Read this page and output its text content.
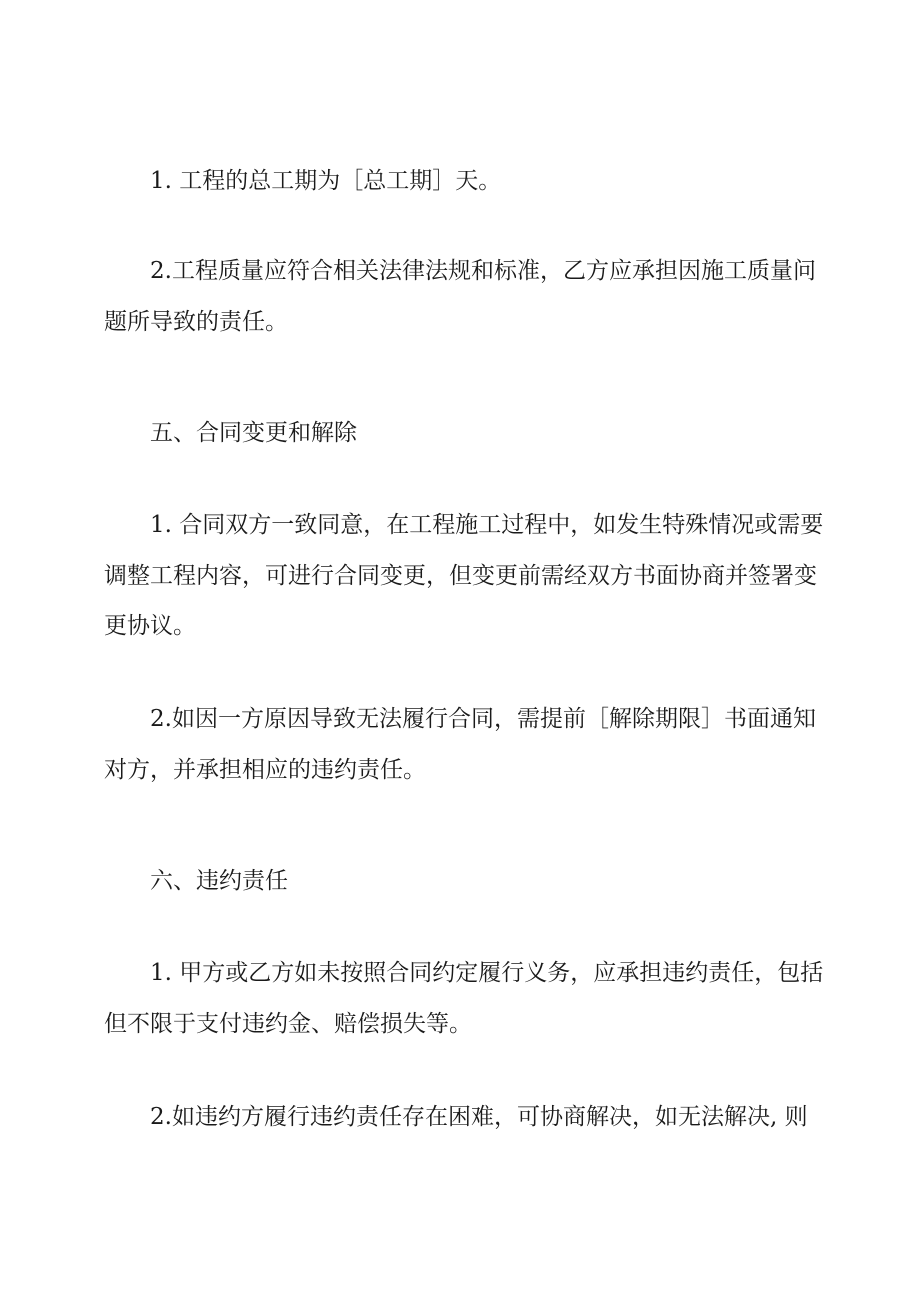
1. 工程的总工期为［总工期］天。
2.工程质量应符合相关法律法规和标准，乙方应承担因施工质量问
题所导致的责任。
五、合同变更和解除
1. 合同双方一致同意，在工程施工过程中，如发生特殊情况或需要
调整工程内容，可进行合同变更，但变更前需经双方书面协商并签署变
更协议。
2.如因一方原因导致无法履行合同，需提前［解除期限］书面通知
对方，并承担相应的违约责任。
六、违约责任
1. 甲方或乙方如未按照合同约定履行义务，应承担违约责任，包括
但不限于支付违约金、赔偿损失等。
2.如违约方履行违约责任存在困难，可协商解决，如无法解决, 则
